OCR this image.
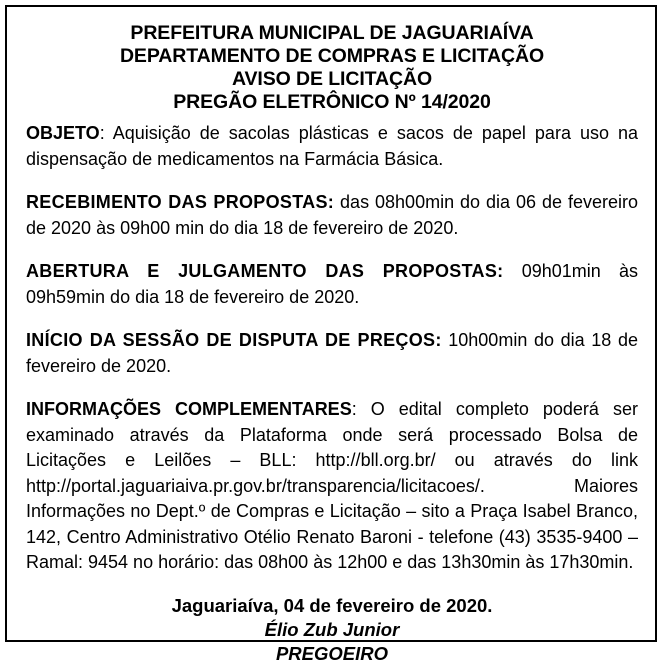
PREFEITURA MUNICIPAL DE JAGUARIAÍVA
DEPARTAMENTO DE COMPRAS E LICITAÇÃO
AVISO DE LICITAÇÃO
PREGÃO ELETRÔNICO Nº 14/2020

OBJETO: Aquisição de sacolas plásticas e sacos de papel para uso na dispensação de medicamentos na Farmácia Básica.

RECEBIMENTO DAS PROPOSTAS: das 08h00min do dia 06 de fevereiro de 2020 às 09h00 min do dia 18 de fevereiro de 2020.

ABERTURA E JULGAMENTO DAS PROPOSTAS: 09h01min às 09h59min do dia 18 de fevereiro de 2020.

INÍCIO DA SESSÃO DE DISPUTA DE PREÇOS: 10h00min do dia 18 de fevereiro de 2020.

INFORMAÇÕES COMPLEMENTARES: O edital completo poderá ser examinado através da Plataforma onde será processado Bolsa de Licitações e Leilões – BLL: http://bll.org.br/ ou através do link http://portal.jaguariaiva.pr.gov.br/transparencia/licitacoes/. Maiores Informações no Dept.º de Compras e Licitação – sito a Praça Isabel Branco, 142, Centro Administrativo Otélio Renato Baroni - telefone (43) 3535-9400 – Ramal: 9454 no horário: das 08h00 às 12h00 e das 13h30min às 17h30min.

Jaguariaíva, 04 de fevereiro de 2020.
Élio Zub Junior
PREGOEIRO
